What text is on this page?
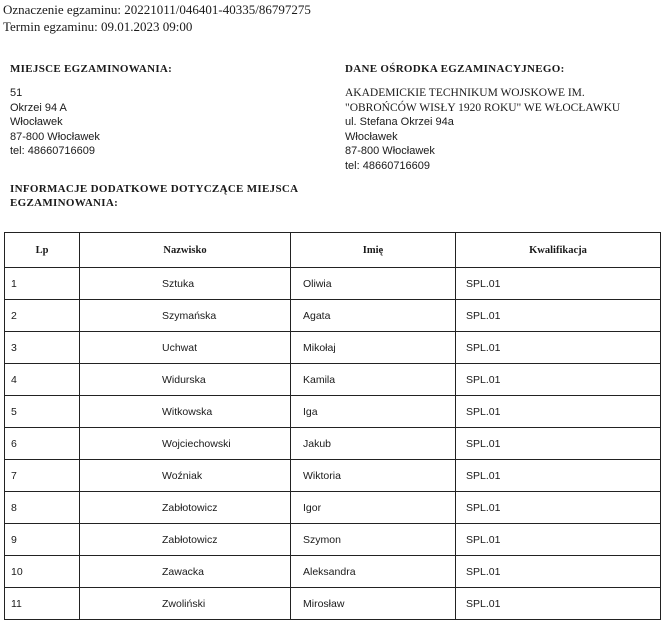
Oznaczenie egzaminu: 20221011/046401-40335/86797275
Termin egzaminu: 09.01.2023 09:00
MIEJSCE EGZAMINOWANIA:
51
Okrzei 94 A
Włocławek
87-800 Włocławek
tel: 48660716609
DANE OŚRODKA EGZAMINACYJNEGO:
AKADEMICKIE TECHNIKUM WOJSKOWE IM.
"OBROŃCÓW WISŁY 1920 ROKU" WE WŁOCŁAWKU
ul. Stefana Okrzei 94a
Włocławek
87-800 Włocławek
tel: 48660716609
INFORMACJE DODATKOWE DOTYCZĄCE MIEJSCA EGZAMINOWANIA:
Lp	Nazwisko	Imię	Kwalifikacja
1	Sztuka	Oliwia	SPL.01
2	Szymańska	Agata	SPL.01
3	Uchwat	Mikołaj	SPL.01
4	Widurska	Kamila	SPL.01
5	Witkowska	Iga	SPL.01
6	Wojciechowski	Jakub	SPL.01
7	Woźniak	Wiktoria	SPL.01
8	Zabłotowicz	Igor	SPL.01
9	Zabłotowicz	Szymon	SPL.01
10	Zawacka	Aleksandra	SPL.01
11	Zwoliński	Mirosław	SPL.01
